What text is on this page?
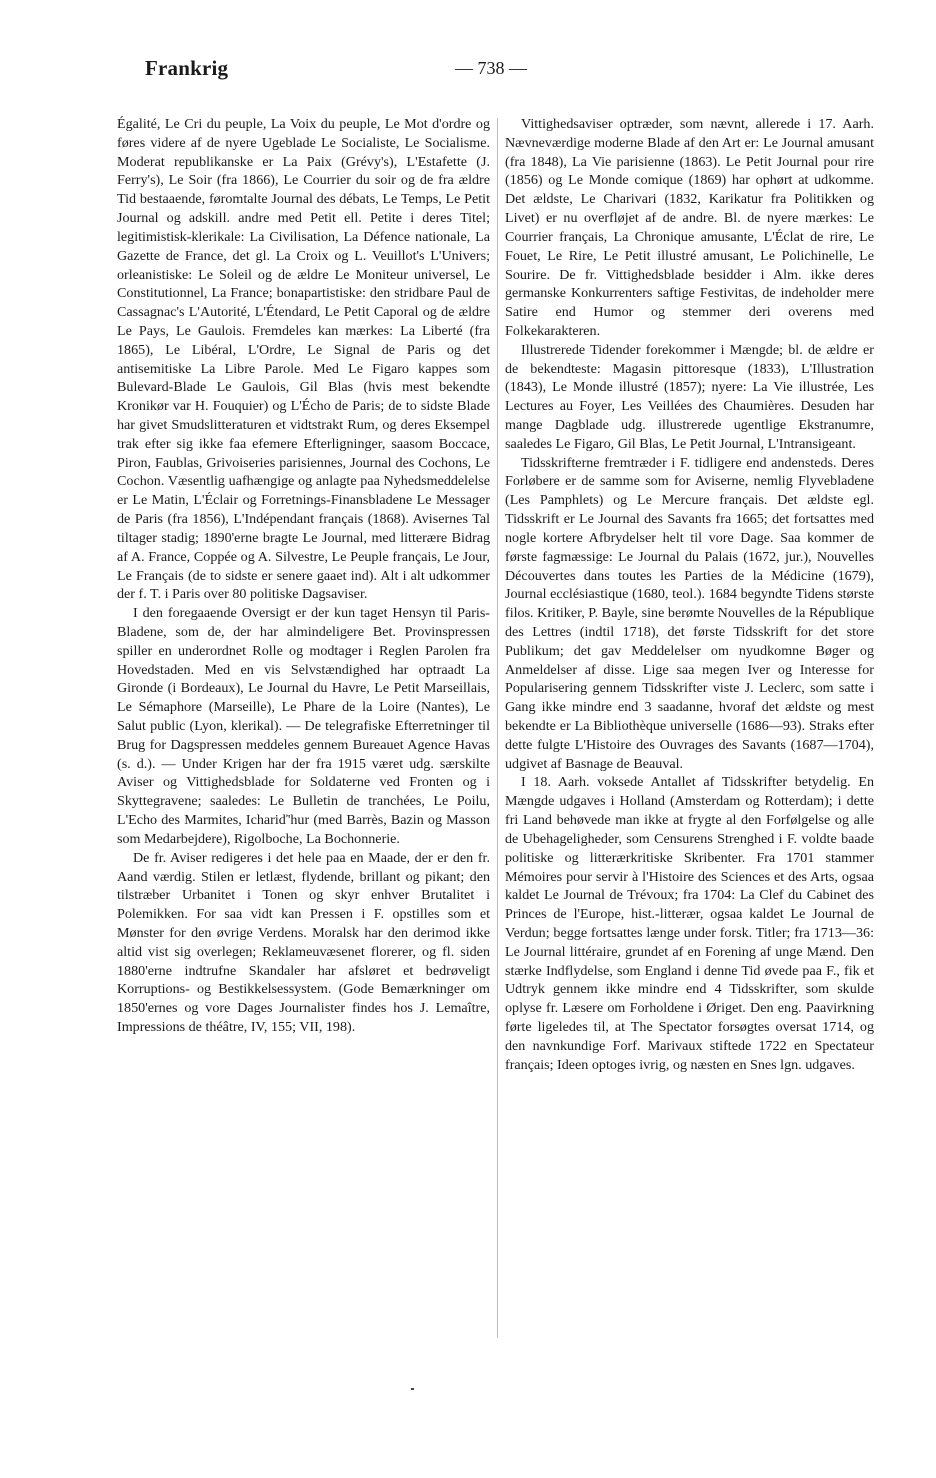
Frankrig	— 738 —

Égalité, Le Cri du peuple, La Voix du peuple, Le Mot d'ordre og føres videre af de nyere Ugeblade Le Socialiste, Le Socialisme. Moderat republikanske er La Paix (Grévy's), L'Estafette (J. Ferry's), Le Soir (fra 1866), Le Courrier du soir og de fra ældre Tid bestaaende, føromtalte Journal des débats, Le Temps, Le Petit Journal og adskill. andre med Petit ell. Petite i deres Titel; legitimistisk-klerikale: La Civilisation, La Défence nationale, La Gazette de France, det gl. La Croix og L. Veuillot's L'Univers; orleanistiske: Le Soleil og de ældre Le Moniteur universel, Le Constitutionnel, La France; bonapartistiske: den stridbare Paul de Cassagnac's L'Autorité, L'Étendard, Le Petit Caporal og de ældre Le Pays, Le Gaulois. Fremdeles kan mærkes: La Liberté (fra 1865), Le Libéral, L'Ordre, Le Signal de Paris og det antisemitiske La Libre Parole. Med Le Figaro kappes som Bulevard-Blade Le Gaulois, Gil Blas (hvis mest bekendte Kronikør var H. Fouquier) og L'Écho de Paris; de to sidste Blade har givet Smudslitteraturen et vidtstrakt Rum, og deres Eksempel trak efter sig ikke faa efemere Efterligninger, saasom Boccace, Piron, Faublas, Grivoiseries parisiennes, Journal des Cochons, Le Cochon. Væsentlig uafhængige og anlagte paa Nyhedsmeddelelse er Le Matin, L'Éclair og Forretnings-Finansbladene Le Messager de Paris (fra 1856), L'Indépendant français (1868). Avisernes Tal tiltager stadig; 1890'erne bragte Le Journal, med litterære Bidrag af A. France, Coppée og A. Silvestre, Le Peuple français, Le Jour, Le Français (de to sidste er senere gaaet ind). Alt i alt udkommer der f. T. i Paris over 80 politiske Dagsaviser.

I den foregaaende Oversigt er der kun taget Hensyn til Paris-Bladene, som de, der har almindeligere Bet. Provinspressen spiller en underordnet Rolle og modtager i Reglen Parolen fra Hovedstaden. Med en vis Selvstændighed har optraadt La Gironde (i Bordeaux), Le Journal du Havre, Le Petit Marseillais, Le Sémaphore (Marseille), Le Phare de la Loire (Nantes), Le Salut public (Lyon, klerikal). — De telegrafiske Efterretninger til Brug for Dagspressen meddeles gennem Bureauet Agence Havas (s. d.). — Under Krigen har der fra 1915 været udg. særskilte Aviser og Vittighedsblade for Soldaterne ved Fronten og i Skyttegravene; saaledes: Le Bulletin de tranchées, Le Poilu, L'Echo des Marmites, Ichariď'hur (med Barrès, Bazin og Masson som Medarbejdere), Rigolboche, La Bochonnerie.

De fr. Aviser redigeres i det hele paa en Maade, der er den fr. Aand værdig. Stilen er letlæst, flydende, brillant og pikant; den tilstræber Urbanitet i Tonen og skyr enhver Brutalitet i Polemikken. For saa vidt kan Pressen i F. opstilles som et Mønster for den øvrige Verdens. Moralsk har den derimod ikke altid vist sig overlegen; Reklameuvæsenet florerer, og fl. siden 1880'erne indtrufne Skandaler har afsløret et bedrøveligt Korruptions- og Bestikkelsessystem. (Gode Bemærkninger om 1850'ernes og vore Dages Journalister findes hos J. Lemaître, Impressions de théâtre, IV, 155; VII, 198).

Vittighedsaviser optræder, som nævnt, allerede i 17. Aarh. Nævneværdige moderne Blade af den Art er: Le Journal amusant (fra 1848), La Vie parisienne (1863). Le Petit Journal pour rire (1856) og Le Monde comique (1869) har ophørt at udkomme. Det ældste, Le Charivari (1832, Karikatur fra Politikken og Livet) er nu overfløjet af de andre. Bl. de nyere mærkes: Le Courrier français, La Chronique amusante, L'Éclat de rire, Le Fouet, Le Rire, Le Petit illustré amusant, Le Polichinelle, Le Sourire. De fr. Vittighedsblade besidder i Alm. ikke deres germanske Konkurrenters saftige Festivitas, de indeholder mere Satire end Humor og stemmer deri overens med Folkekarakteren.

Illustrerede Tidender forekommer i Mængde; bl. de ældre er de bekendteste: Magasin pittoresque (1833), L'Illustration (1843), Le Monde illustré (1857); nyere: La Vie illustrée, Les Lectures au Foyer, Les Veillées des Chaumières. Desuden har mange Dagblade udg. illustrerede ugentlige Ekstranumre, saaledes Le Figaro, Gil Blas, Le Petit Journal, L'Intransigeant.

Tidsskrifterne fremtræder i F. tidligere end andensteds. Deres Forløbere er de samme som for Aviserne, nemlig Flyvebladene (Les Pamphlets) og Le Mercure français. Det ældste egl. Tidsskrift er Le Journal des Savants fra 1665; det fortsattes med nogle kortere Afbrydelser helt til vore Dage. Saa kommer de første fagmæssige: Le Journal du Palais (1672, jur.), Nouvelles Découvertes dans toutes les Parties de la Médicine (1679), Journal ecclésiastique (1680, teol.). 1684 begyndte Tidens største filos. Kritiker, P. Bayle, sine berømte Nouvelles de la République des Lettres (indtil 1718), det første Tidsskrift for det store Publikum; det gav Meddelelser om nyudkomne Bøger og Anmeldelser af disse. Lige saa megen Iver og Interesse for Popularisering gennem Tidsskrifter viste J. Leclerc, som satte i Gang ikke mindre end 3 saadanne, hvoraf det ældste og mest bekendte er La Bibliothèque universelle (1686—93). Straks efter dette fulgte L'Histoire des Ouvrages des Savants (1687—1704), udgivet af Basnage de Beauval.

I 18. Aarh. voksede Antallet af Tidsskrifter betydelig. En Mængde udgaves i Holland (Amsterdam og Rotterdam); i dette fri Land behøvede man ikke at frygte al den Forfølgelse og alle de Ubehageligheder, som Censurens Strenghed i F. voldte baade politiske og litterærkritiske Skribenter. Fra 1701 stammer Mémoires pour servir à l'Histoire des Sciences et des Arts, ogsaa kaldet Le Journal de Trévoux; fra 1704: La Clef du Cabinet des Princes de l'Europe, hist.-litterær, ogsaa kaldet Le Journal de Verdun; begge fortsattes længe under forsk. Titler; fra 1713—36: Le Journal littéraire, grundet af en Forening af unge Mænd. Den stærke Indflydelse, som England i denne Tid øvede paa F., fik et Udtryk gennem ikke mindre end 4 Tidsskrifter, som skulde oplyse fr. Læsere om Forholdene i Øriget. Den eng. Paavirkning førte ligeledes til, at The Spectator forsøgtes oversat 1714, og den navnkundige Forf. Marivaux stiftede 1722 en Spectateur français; Ideen optoges ivrig, og næsten en Snes lgn. udgaves.
